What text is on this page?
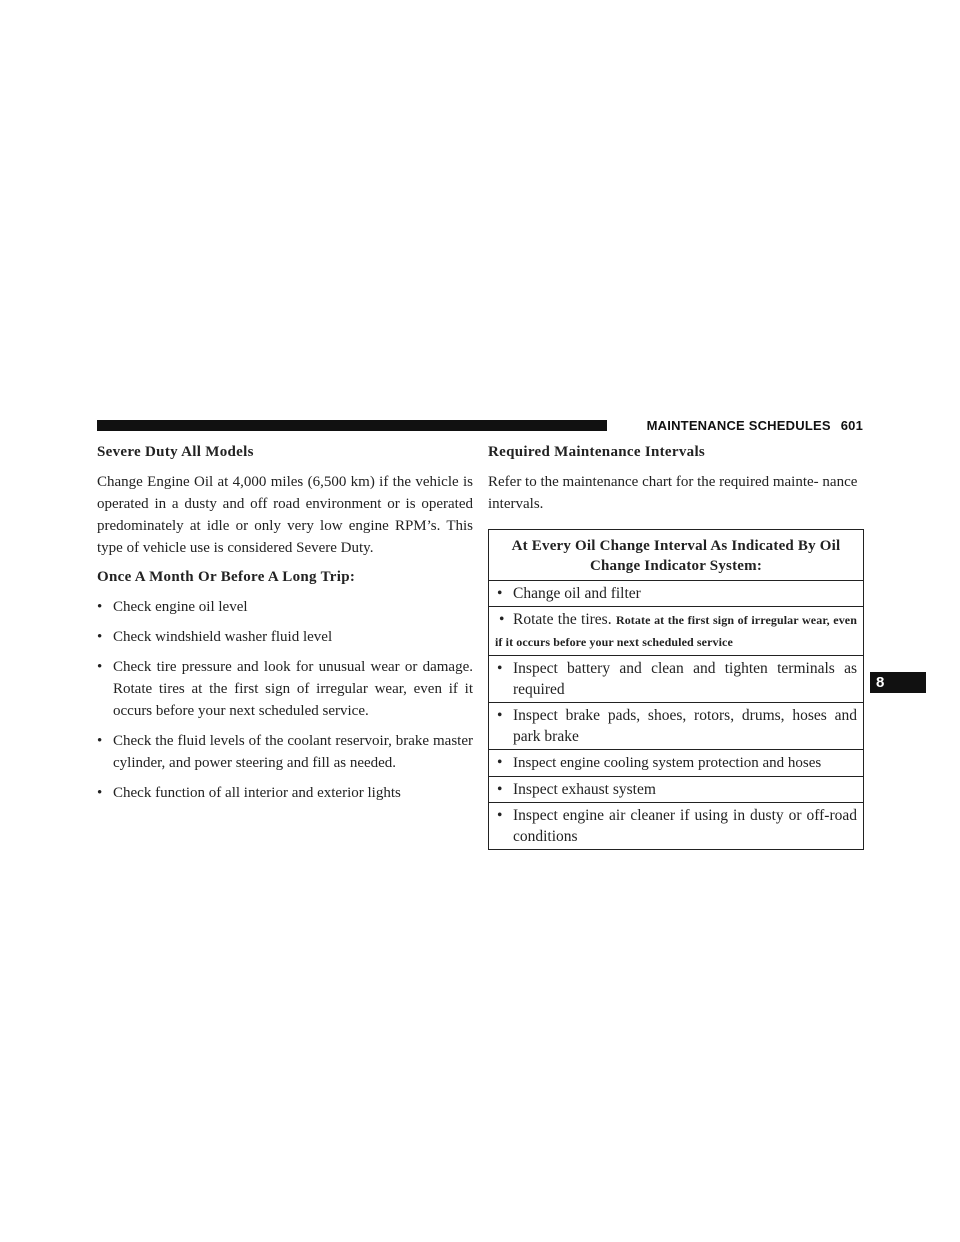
MAINTENANCE SCHEDULES 601
8
Severe Duty All Models

Change Engine Oil at 4,000 miles (6,500 km) if the vehicle is operated in a dusty and off road environment or is operated predominately at idle or only very low engine RPM’s. This type of vehicle use is considered Severe Duty.

Once A Month Or Before A Long Trip:
• Check engine oil level
• Check windshield washer fluid level
• Check tire pressure and look for unusual wear or damage. Rotate tires at the first sign of irregular wear, even if it occurs before your next scheduled service.
• Check the fluid levels of the coolant reservoir, brake master cylinder, and power steering and fill as needed.
• Check function of all interior and exterior lights
Required Maintenance Intervals

Refer to the maintenance chart for the required mainte- nance intervals.

At Every Oil Change Interval As Indicated By Oil Change Indicator System:
• Change oil and filter
• Rotate the tires. Rotate at the first sign of irregular wear, even if it occurs before your next scheduled service
• Inspect battery and clean and tighten terminals as required
• Inspect brake pads, shoes, rotors, drums, hoses and park brake
• Inspect engine cooling system protection and hoses
• Inspect exhaust system
• Inspect engine air cleaner if using in dusty or off-road conditions
